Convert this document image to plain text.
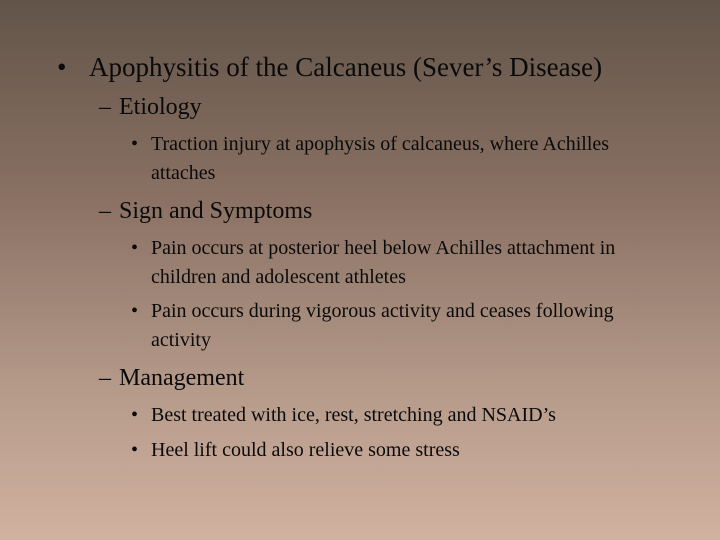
• Apophysitis of the Calcaneus (Sever’s Disease)
– Etiology
• Traction injury at apophysis of calcaneus, where Achilles
attaches
– Sign and Symptoms
• Pain occurs at posterior heel below Achilles attachment in
children and adolescent athletes
• Pain occurs during vigorous activity and ceases following
activity
– Management
• Best treated with ice, rest, stretching and NSAID’s
• Heel lift could also relieve some stress
